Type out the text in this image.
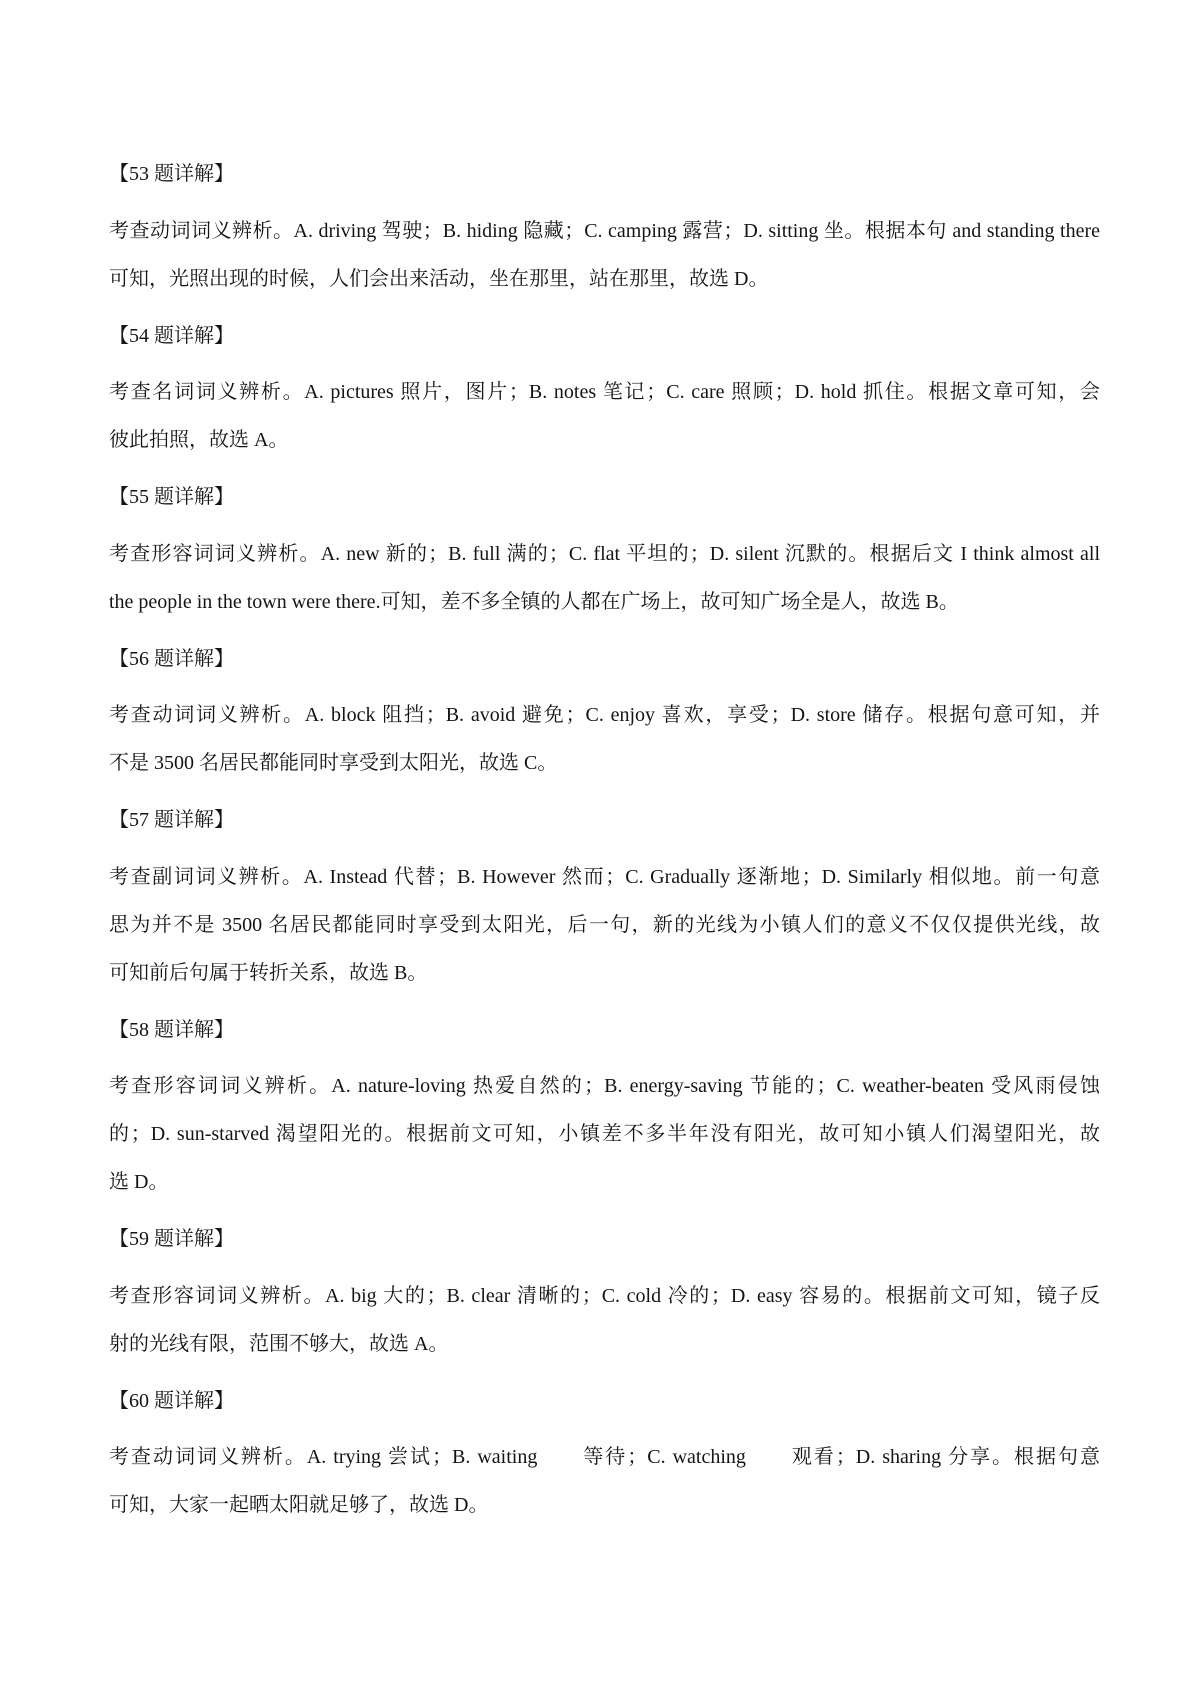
【53 题详解】
考查动词词义辨析。A. driving 驾驶；B. hiding 隐藏；C. camping 露营；D. sitting 坐。根据本句 and standing there
可知，光照出现的时候，人们会出来活动，坐在那里，站在那里，故选 D。
【54 题详解】
考查名词词义辨析。A. pictures 照片，图片；B. notes 笔记；C. care 照顾；D. hold 抓住。根据文章可知，会
彼此拍照，故选 A。
【55 题详解】
考查形容词词义辨析。A. new 新的；B. full 满的；C. flat 平坦的；D. silent 沉默的。根据后文 I think almost all
the people in the town were there.可知，差不多全镇的人都在广场上，故可知广场全是人，故选 B。
【56 题详解】
考查动词词义辨析。A. block 阻挡；B. avoid 避免；C. enjoy 喜欢，享受；D. store 储存。根据句意可知，并
不是 3500 名居民都能同时享受到太阳光，故选 C。
【57 题详解】
考查副词词义辨析。A. Instead 代替；B. However 然而；C. Gradually 逐渐地；D. Similarly 相似地。前一句意
思为并不是 3500 名居民都能同时享受到太阳光，后一句，新的光线为小镇人们的意义不仅仅提供光线，故
可知前后句属于转折关系，故选 B。
【58 题详解】
考查形容词词义辨析。A. nature-loving 热爱自然的；B. energy-saving 节能的；C. weather-beaten 受风雨侵蚀
的；D. sun-starved 渴望阳光的。根据前文可知，小镇差不多半年没有阳光，故可知小镇人们渴望阳光，故
选 D。
【59 题详解】
考查形容词词义辨析。A. big 大的；B. clear 清晰的；C. cold 冷的；D. easy 容易的。根据前文可知，镜子反
射的光线有限，范围不够大，故选 A。
【60 题详解】
考查动词词义辨析。A. trying 尝试；B. waiting　　等待；C. watching　　观看；D. sharing 分享。根据句意
可知，大家一起晒太阳就足够了，故选 D。
